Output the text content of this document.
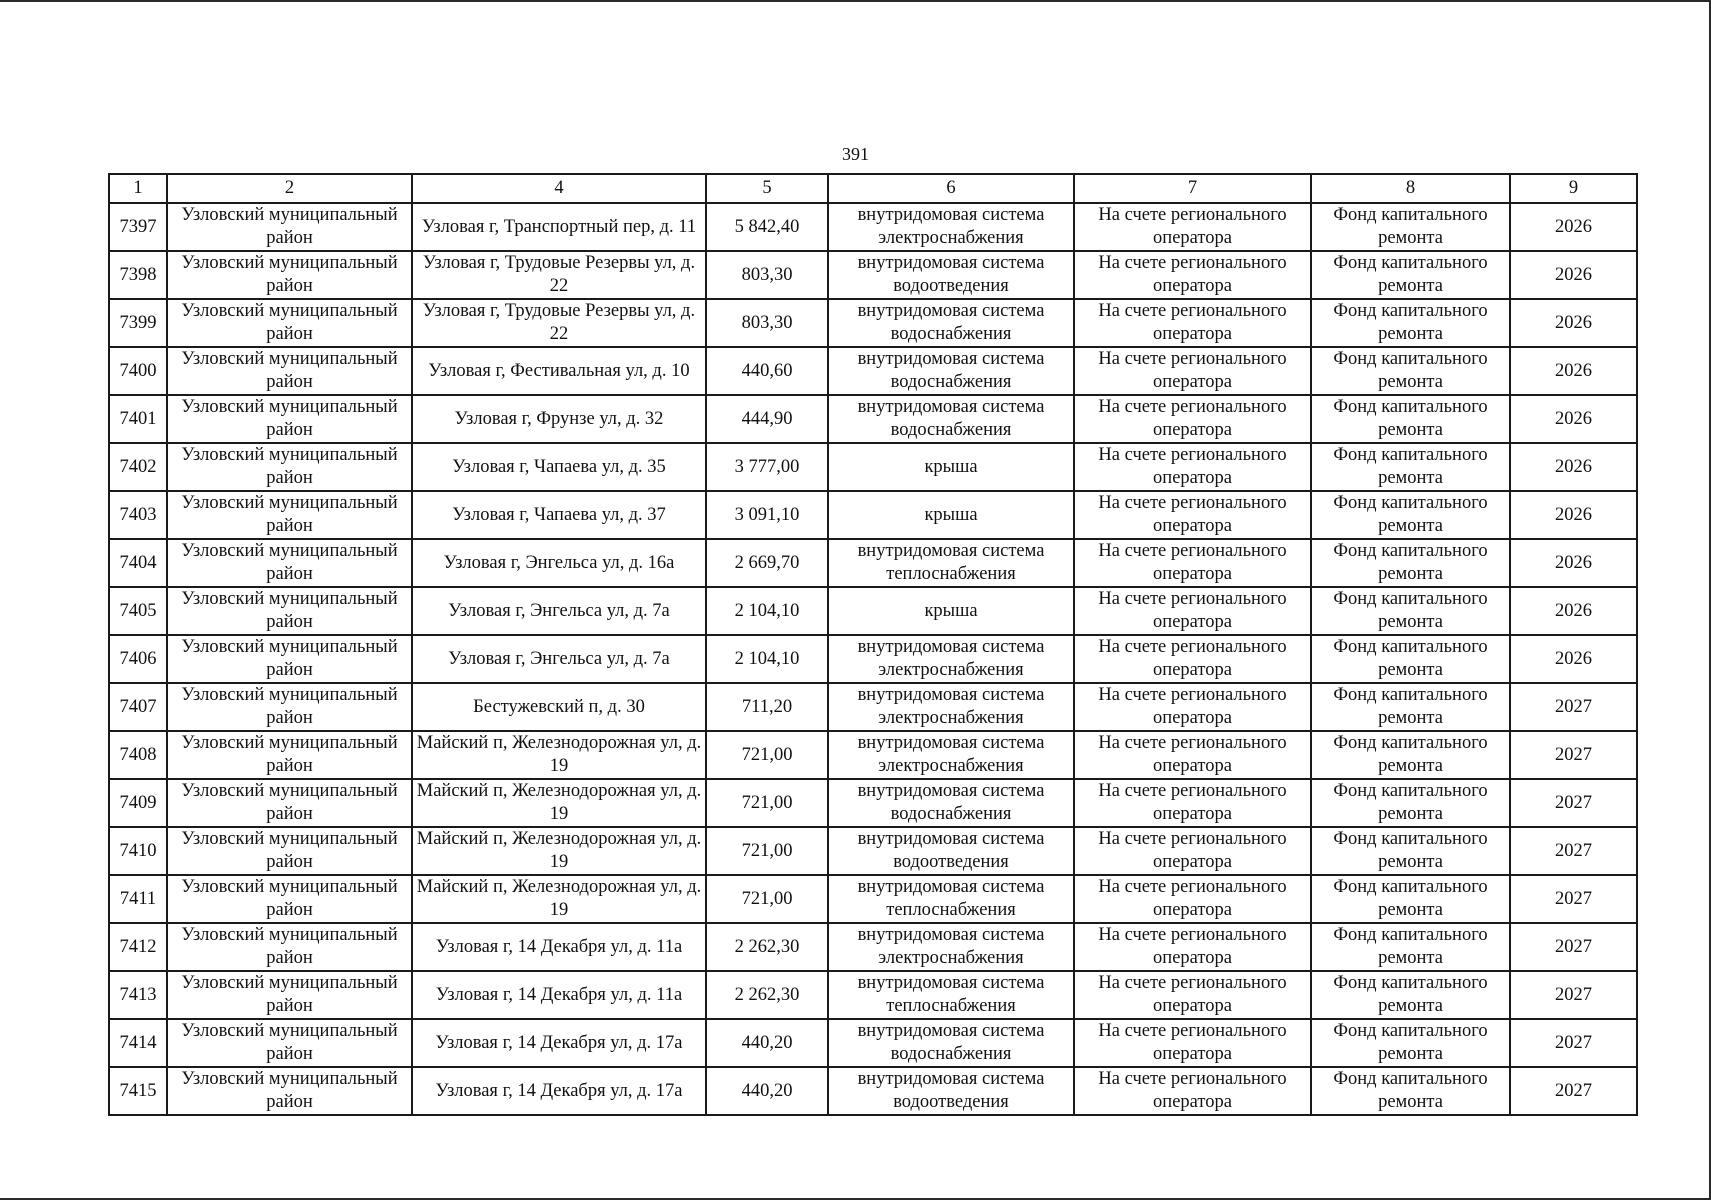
391
1	2	4	5	6	7	8	9
7397	Узловский муниципальный район	Узловая г, Транспортный пер, д. 11	5 842,40	внутридомовая система электроснабжения	На счете регионального оператора	Фонд капитального ремонта	2026
7398	Узловский муниципальный район	Узловая г, Трудовые Резервы ул, д. 22	803,30	внутридомовая система водоотведения	На счете регионального оператора	Фонд капитального ремонта	2026
7399	Узловский муниципальный район	Узловая г, Трудовые Резервы ул, д. 22	803,30	внутридомовая система водоснабжения	На счете регионального оператора	Фонд капитального ремонта	2026
7400	Узловский муниципальный район	Узловая г, Фестивальная ул, д. 10	440,60	внутридомовая система водоснабжения	На счете регионального оператора	Фонд капитального ремонта	2026
7401	Узловский муниципальный район	Узловая г, Фрунзе ул, д. 32	444,90	внутридомовая система водоснабжения	На счете регионального оператора	Фонд капитального ремонта	2026
7402	Узловский муниципальный район	Узловая г, Чапаева ул, д. 35	3 777,00	крыша	На счете регионального оператора	Фонд капитального ремонта	2026
7403	Узловский муниципальный район	Узловая г, Чапаева ул, д. 37	3 091,10	крыша	На счете регионального оператора	Фонд капитального ремонта	2026
7404	Узловский муниципальный район	Узловая г, Энгельса ул, д. 16а	2 669,70	внутридомовая система теплоснабжения	На счете регионального оператора	Фонд капитального ремонта	2026
7405	Узловский муниципальный район	Узловая г, Энгельса ул, д. 7а	2 104,10	крыша	На счете регионального оператора	Фонд капитального ремонта	2026
7406	Узловский муниципальный район	Узловая г, Энгельса ул, д. 7а	2 104,10	внутридомовая система электроснабжения	На счете регионального оператора	Фонд капитального ремонта	2026
7407	Узловский муниципальный район	Бестужевский п, д. 30	711,20	внутридомовая система электроснабжения	На счете регионального оператора	Фонд капитального ремонта	2027
7408	Узловский муниципальный район	Майский п, Железнодорожная ул, д. 19	721,00	внутридомовая система электроснабжения	На счете регионального оператора	Фонд капитального ремонта	2027
7409	Узловский муниципальный район	Майский п, Железнодорожная ул, д. 19	721,00	внутридомовая система водоснабжения	На счете регионального оператора	Фонд капитального ремонта	2027
7410	Узловский муниципальный район	Майский п, Железнодорожная ул, д. 19	721,00	внутридомовая система водоотведения	На счете регионального оператора	Фонд капитального ремонта	2027
7411	Узловский муниципальный район	Майский п, Железнодорожная ул, д. 19	721,00	внутридомовая система теплоснабжения	На счете регионального оператора	Фонд капитального ремонта	2027
7412	Узловский муниципальный район	Узловая г, 14 Декабря ул, д. 11а	2 262,30	внутридомовая система электроснабжения	На счете регионального оператора	Фонд капитального ремонта	2027
7413	Узловский муниципальный район	Узловая г, 14 Декабря ул, д. 11а	2 262,30	внутридомовая система теплоснабжения	На счете регионального оператора	Фонд капитального ремонта	2027
7414	Узловский муниципальный район	Узловая г, 14 Декабря ул, д. 17а	440,20	внутридомовая система водоснабжения	На счете регионального оператора	Фонд капитального ремонта	2027
7415	Узловский муниципальный район	Узловая г, 14 Декабря ул, д. 17а	440,20	внутридомовая система водоотведения	На счете регионального оператора	Фонд капитального ремонта	2027
